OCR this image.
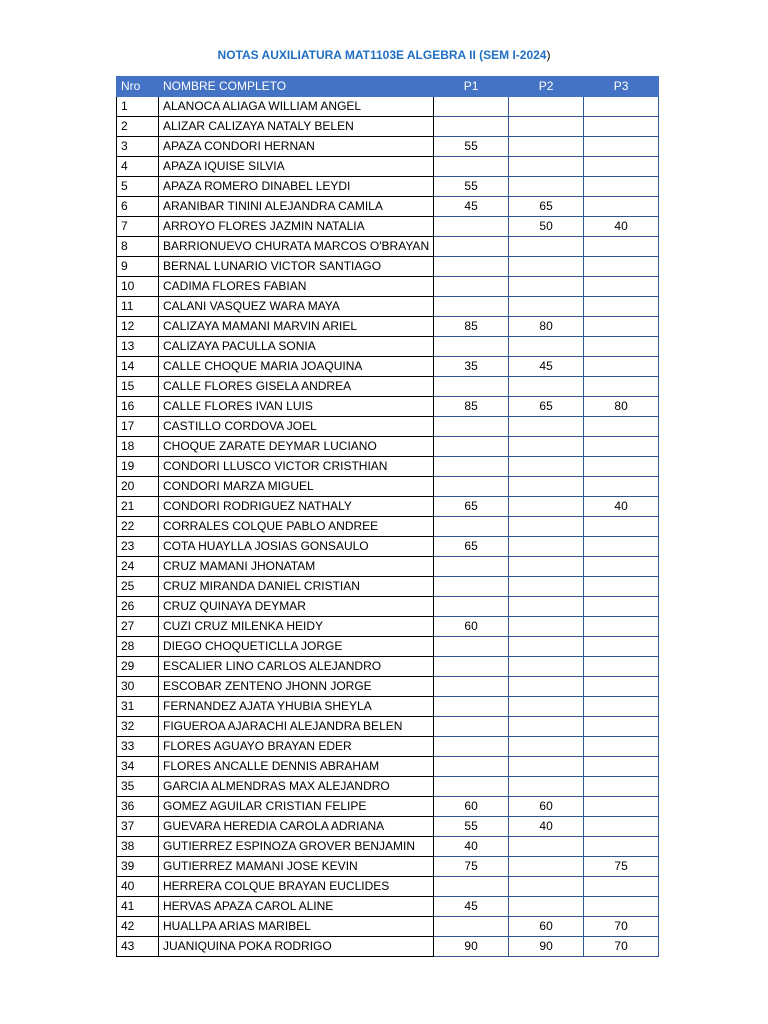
NOTAS AUXILIATURA MAT1103E ALGEBRA II (SEM I-2024)
Nro	NOMBRE COMPLETO	P1	P2	P3
1	ALANOCA ALIAGA WILLIAM ANGEL			
2	ALIZAR CALIZAYA NATALY BELEN			
3	APAZA CONDORI HERNAN	55		
4	APAZA IQUISE SILVIA			
5	APAZA ROMERO DINABEL LEYDI	55		
6	ARANIBAR TININI ALEJANDRA CAMILA	45	65	
7	ARROYO FLORES JAZMIN NATALIA		50	40
8	BARRIONUEVO CHURATA MARCOS O'BRAYAN			
9	BERNAL LUNARIO VICTOR SANTIAGO			
10	CADIMA FLORES FABIAN			
11	CALANI VASQUEZ WARA MAYA			
12	CALIZAYA MAMANI MARVIN ARIEL	85	80	
13	CALIZAYA PACULLA SONIA			
14	CALLE CHOQUE MARIA JOAQUINA	35	45	
15	CALLE FLORES GISELA ANDREA			
16	CALLE FLORES IVAN LUIS	85	65	80
17	CASTILLO CORDOVA JOEL			
18	CHOQUE ZARATE DEYMAR LUCIANO			
19	CONDORI LLUSCO VICTOR CRISTHIAN			
20	CONDORI MARZA MIGUEL			
21	CONDORI RODRIGUEZ NATHALY	65		40
22	CORRALES COLQUE PABLO ANDREE			
23	COTA HUAYLLA JOSIAS GONSAULO	65		
24	CRUZ MAMANI JHONATAM			
25	CRUZ MIRANDA DANIEL CRISTIAN			
26	CRUZ QUINAYA DEYMAR			
27	CUZI CRUZ MILENKA HEIDY	60		
28	DIEGO CHOQUETICLLA JORGE			
29	ESCALIER LINO CARLOS ALEJANDRO			
30	ESCOBAR ZENTENO JHONN JORGE			
31	FERNANDEZ AJATA YHUBIA SHEYLA			
32	FIGUEROA AJARACHI ALEJANDRA BELEN			
33	FLORES AGUAYO BRAYAN EDER			
34	FLORES ANCALLE DENNIS ABRAHAM			
35	GARCIA ALMENDRAS MAX ALEJANDRO			
36	GOMEZ AGUILAR CRISTIAN FELIPE	60	60	
37	GUEVARA HEREDIA CAROLA ADRIANA	55	40	
38	GUTIERREZ ESPINOZA GROVER BENJAMIN	40		
39	GUTIERREZ MAMANI JOSE KEVIN	75		75
40	HERRERA COLQUE BRAYAN EUCLIDES			
41	HERVAS APAZA CAROL ALINE	45		
42	HUALLPA ARIAS MARIBEL		60	70
43	JUANIQUINA POKA RODRIGO	90	90	70
